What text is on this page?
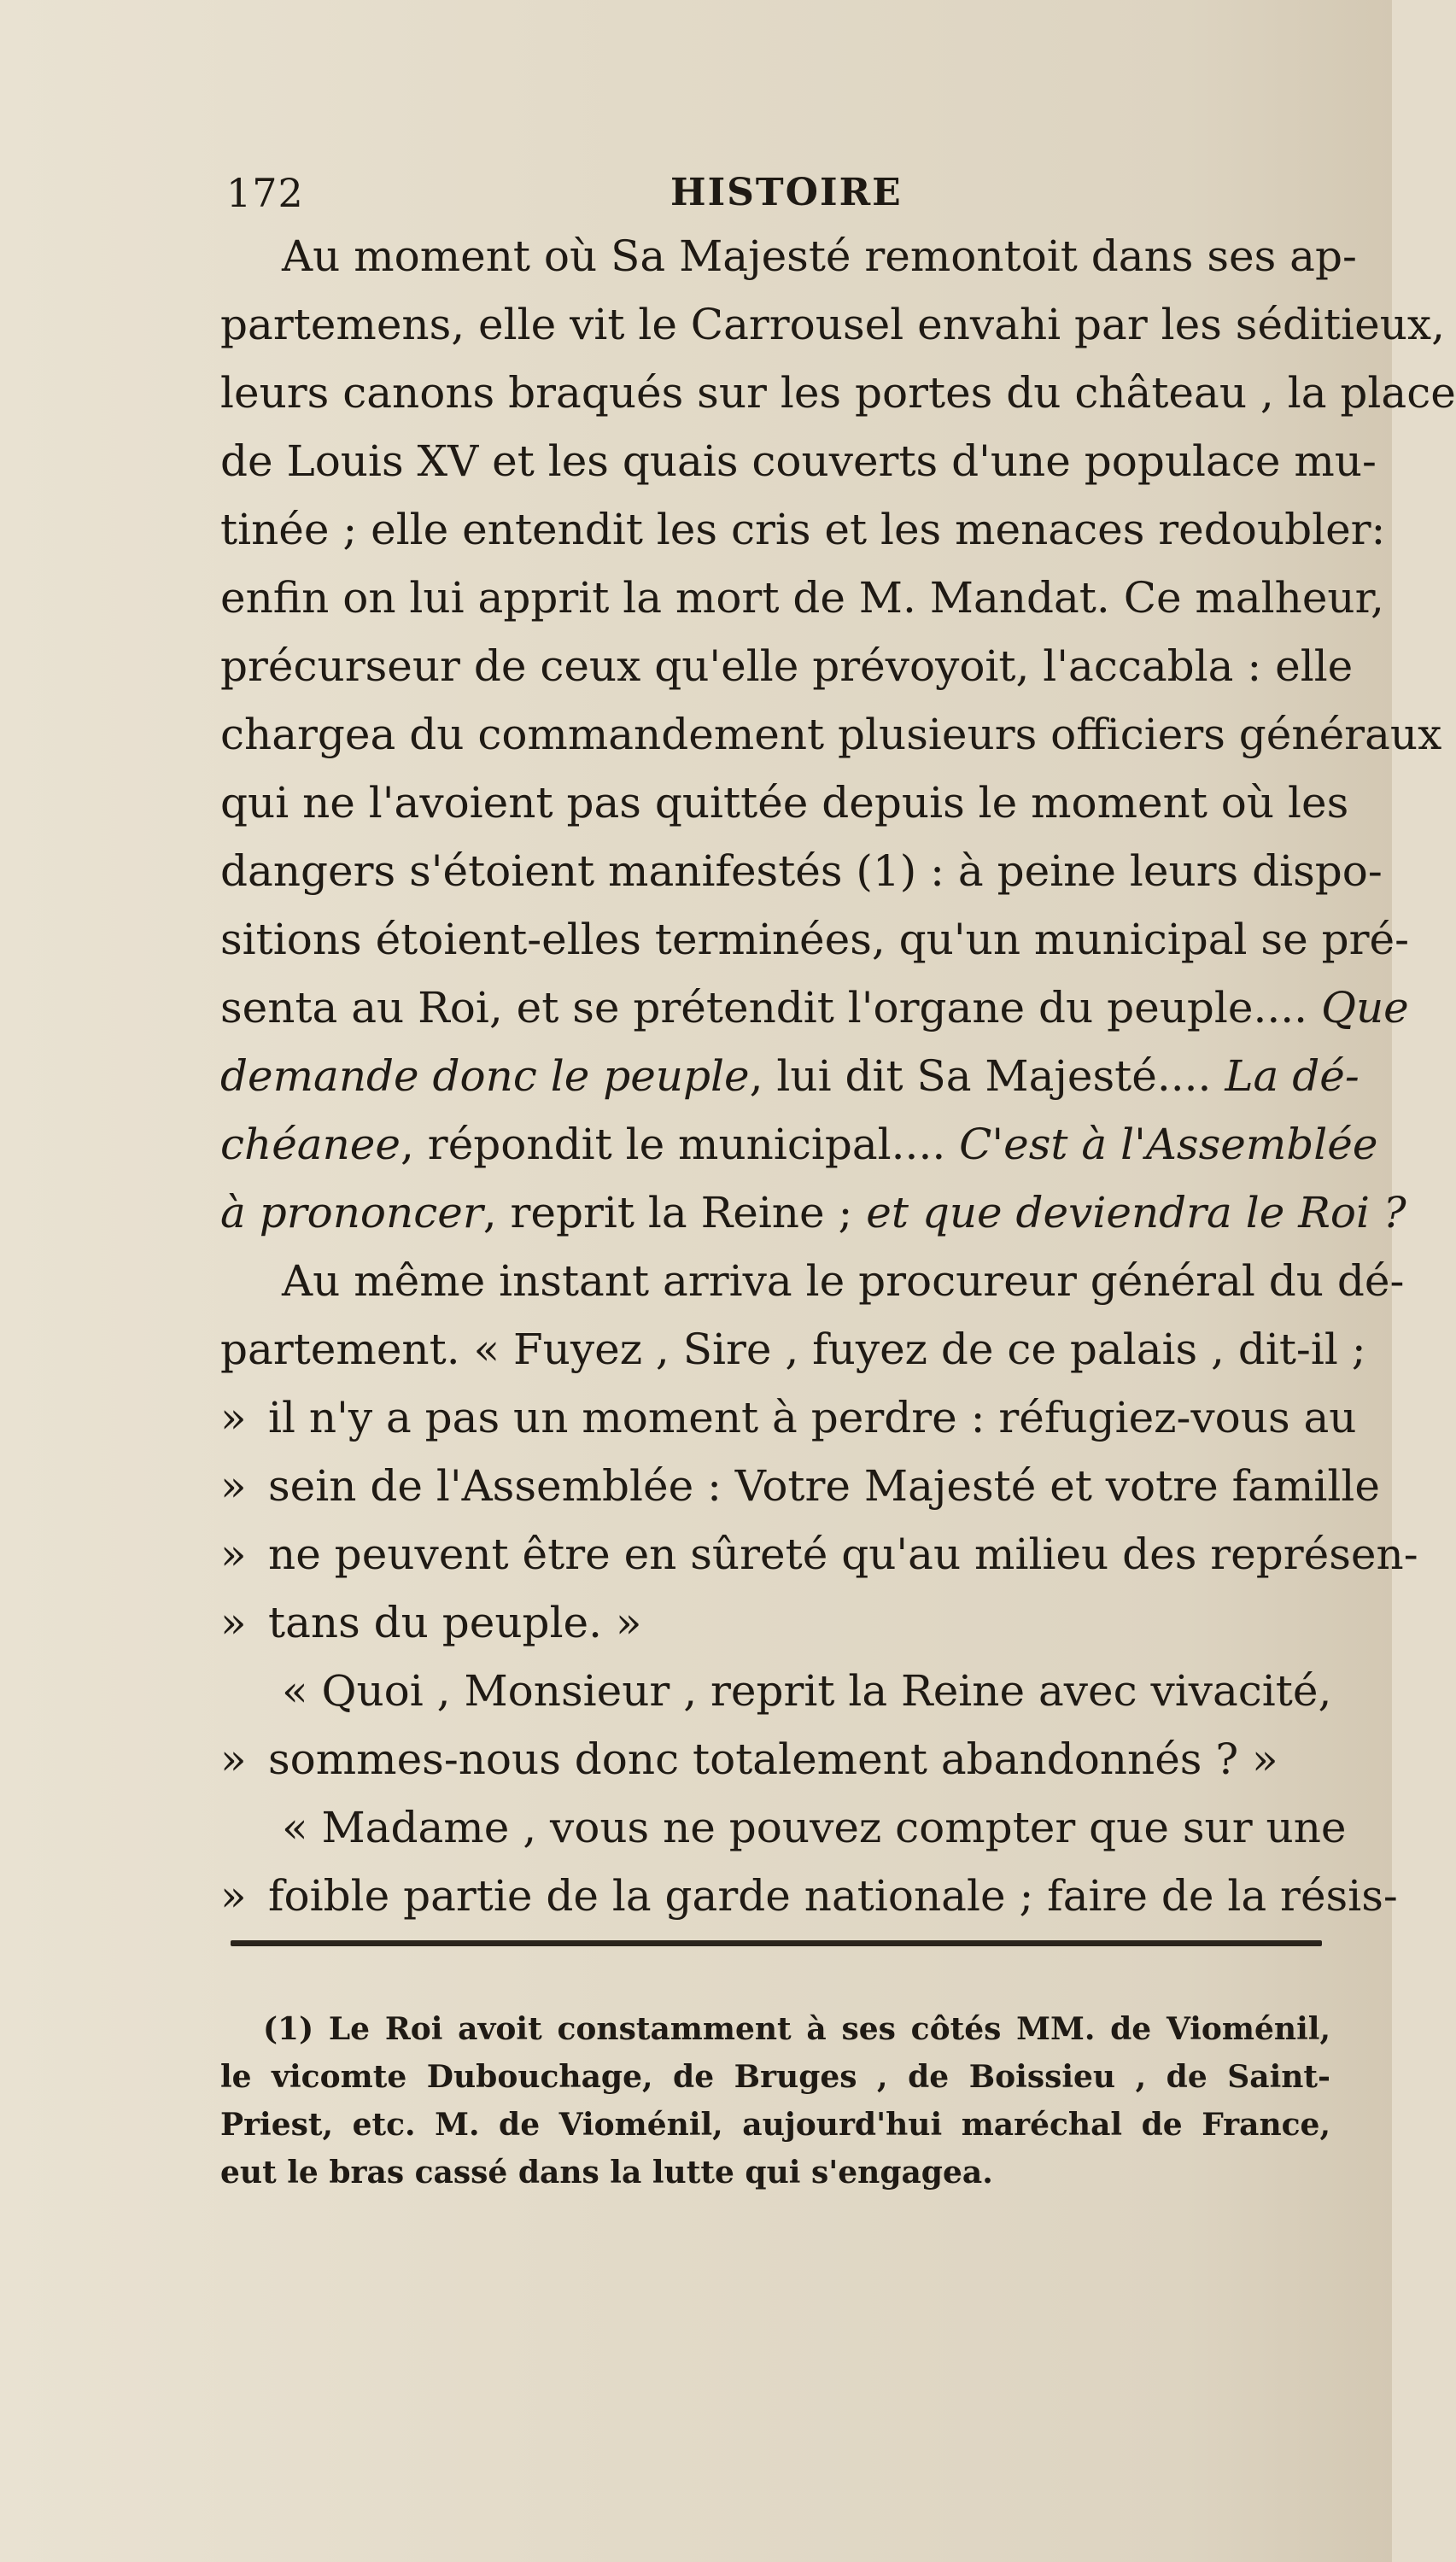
172	HISTOIRE
Au moment où Sa Majesté remontoit dans ses ap-
partemens, elle vit le Carrousel envahi par les séditieux,
leurs canons braqués sur les portes du château , la place
de Louis XV et les quais couverts d'une populace mu-
tinée ; elle entendit les cris et les menaces redoubler:
enfin on lui apprit la mort de M. Mandat. Ce malheur,
précurseur de ceux qu'elle prévoyoit, l'accabla : elle
chargea du commandement plusieurs officiers généraux
qui ne l'avoient pas quittée depuis le moment où les
dangers s'étoient manifestés (1) : à peine leurs dispo-
sitions étoient-elles terminées, qu'un municipal se pré-
senta au Roi, et se prétendit l'organe du peuple.... Que
demande donc le peuple, lui dit Sa Majesté.... La dé-
chéanee, répondit le municipal.... C'est à l'Assemblée
à prononcer, reprit la Reine ; et que deviendra le Roi ?
Au même instant arriva le procureur général du dé-
partement. « Fuyez , Sire , fuyez de ce palais , dit-il ;
» il n'y a pas un moment à perdre : réfugiez-vous au
» sein de l'Assemblée : Votre Majesté et votre famille
» ne peuvent être en sûreté qu'au milieu des représen-
» tans du peuple. »
« Quoi , Monsieur , reprit la Reine avec vivacité,
» sommes-nous donc totalement abandonnés ? »
« Madame , vous ne pouvez compter que sur une
» foible partie de la garde nationale ; faire de la résis-
(1) Le Roi avoit constamment à ses côtés MM. de Vioménil,
le vicomte Dubouchage, de Bruges , de Boissieu , de Saint-
Priest, etc. M. de Vioménil, aujourd'hui maréchal de France,
eut le bras cassé dans la lutte qui s'engagea.
